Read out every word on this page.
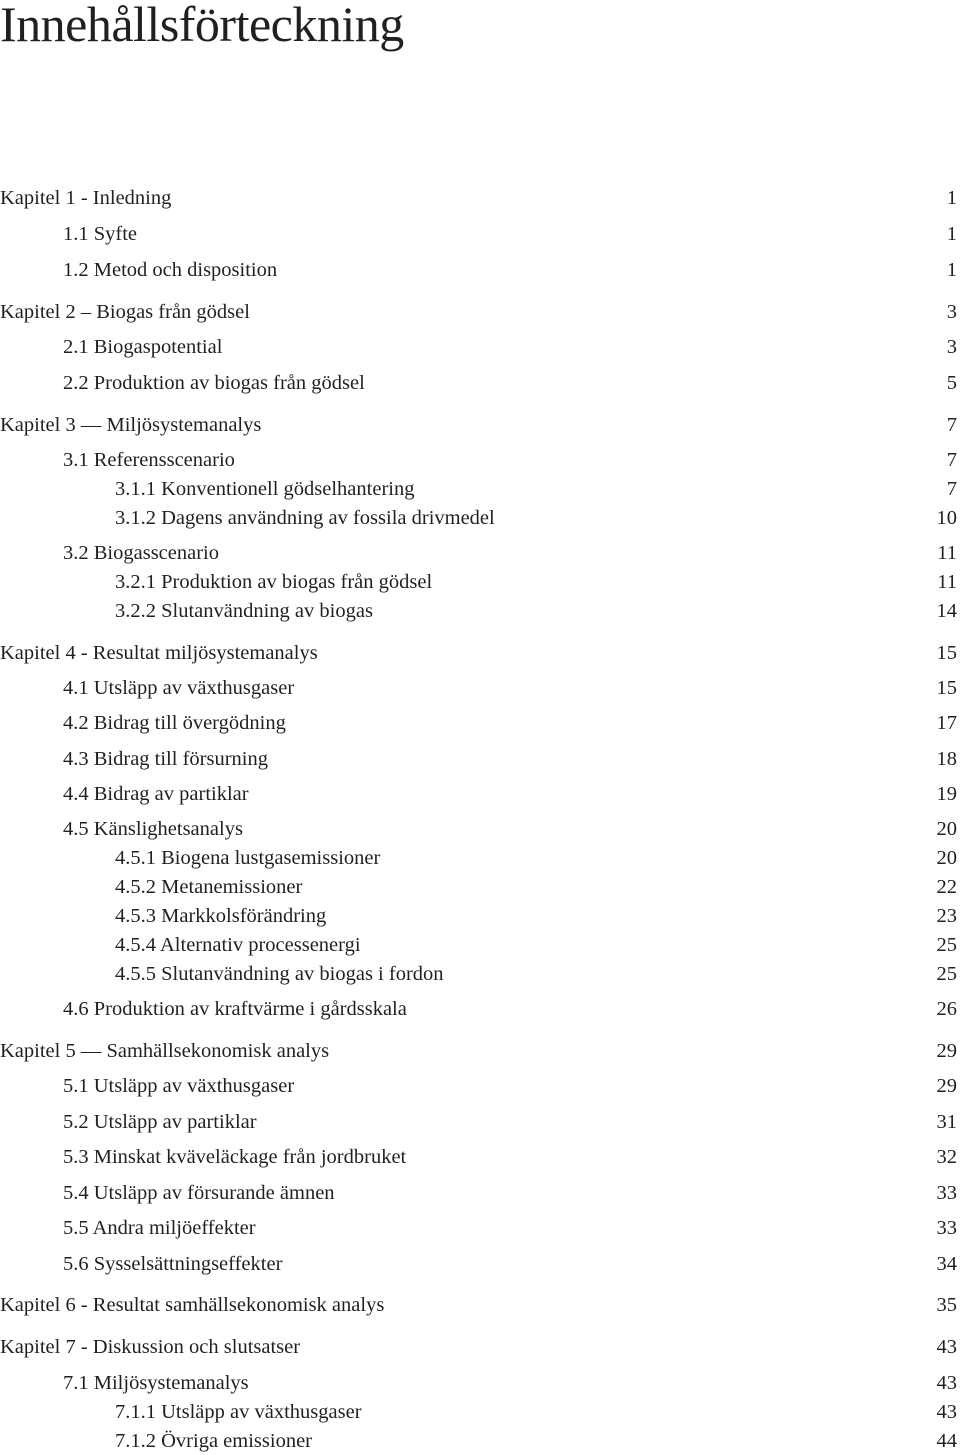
Innehållsförteckning
Kapitel 1 - Inledning	1
1.1 Syfte	1
1.2 Metod och disposition	1
Kapitel 2 – Biogas från gödsel	3
2.1 Biogaspotential	3
2.2 Produktion av biogas från gödsel	5
Kapitel 3 — Miljösystemanalys	7
3.1 Referensscenario	7
3.1.1 Konventionell gödselhantering	7
3.1.2 Dagens användning av fossila drivmedel	10
3.2 Biogasscenario	11
3.2.1 Produktion av biogas från gödsel	11
3.2.2 Slutanvändning av biogas	14
Kapitel 4 - Resultat miljösystemanalys	15
4.1 Utsläpp av växthusgaser	15
4.2 Bidrag till övergödning	17
4.3 Bidrag till försurning	18
4.4 Bidrag av partiklar	19
4.5 Känslighetsanalys	20
4.5.1 Biogena lustgasemissioner	20
4.5.2 Metanemissioner	22
4.5.3 Markkolsförändring	23
4.5.4 Alternativ processenergi	25
4.5.5 Slutanvändning av biogas i fordon	25
4.6 Produktion av kraftvärme i gårdsskala	26
Kapitel 5 — Samhällsekonomisk analys	29
5.1 Utsläpp av växthusgaser	29
5.2 Utsläpp av partiklar	31
5.3 Minskat kväveläckage från jordbruket	32
5.4 Utsläpp av försurande ämnen	33
5.5 Andra miljöeffekter	33
5.6 Sysselsättningseffekter	34
Kapitel 6 - Resultat samhällsekonomisk analys	35
Kapitel 7 - Diskussion och slutsatser	43
7.1 Miljösystemanalys	43
7.1.1 Utsläpp av växthusgaser	43
7.1.2 Övriga emissioner	44
